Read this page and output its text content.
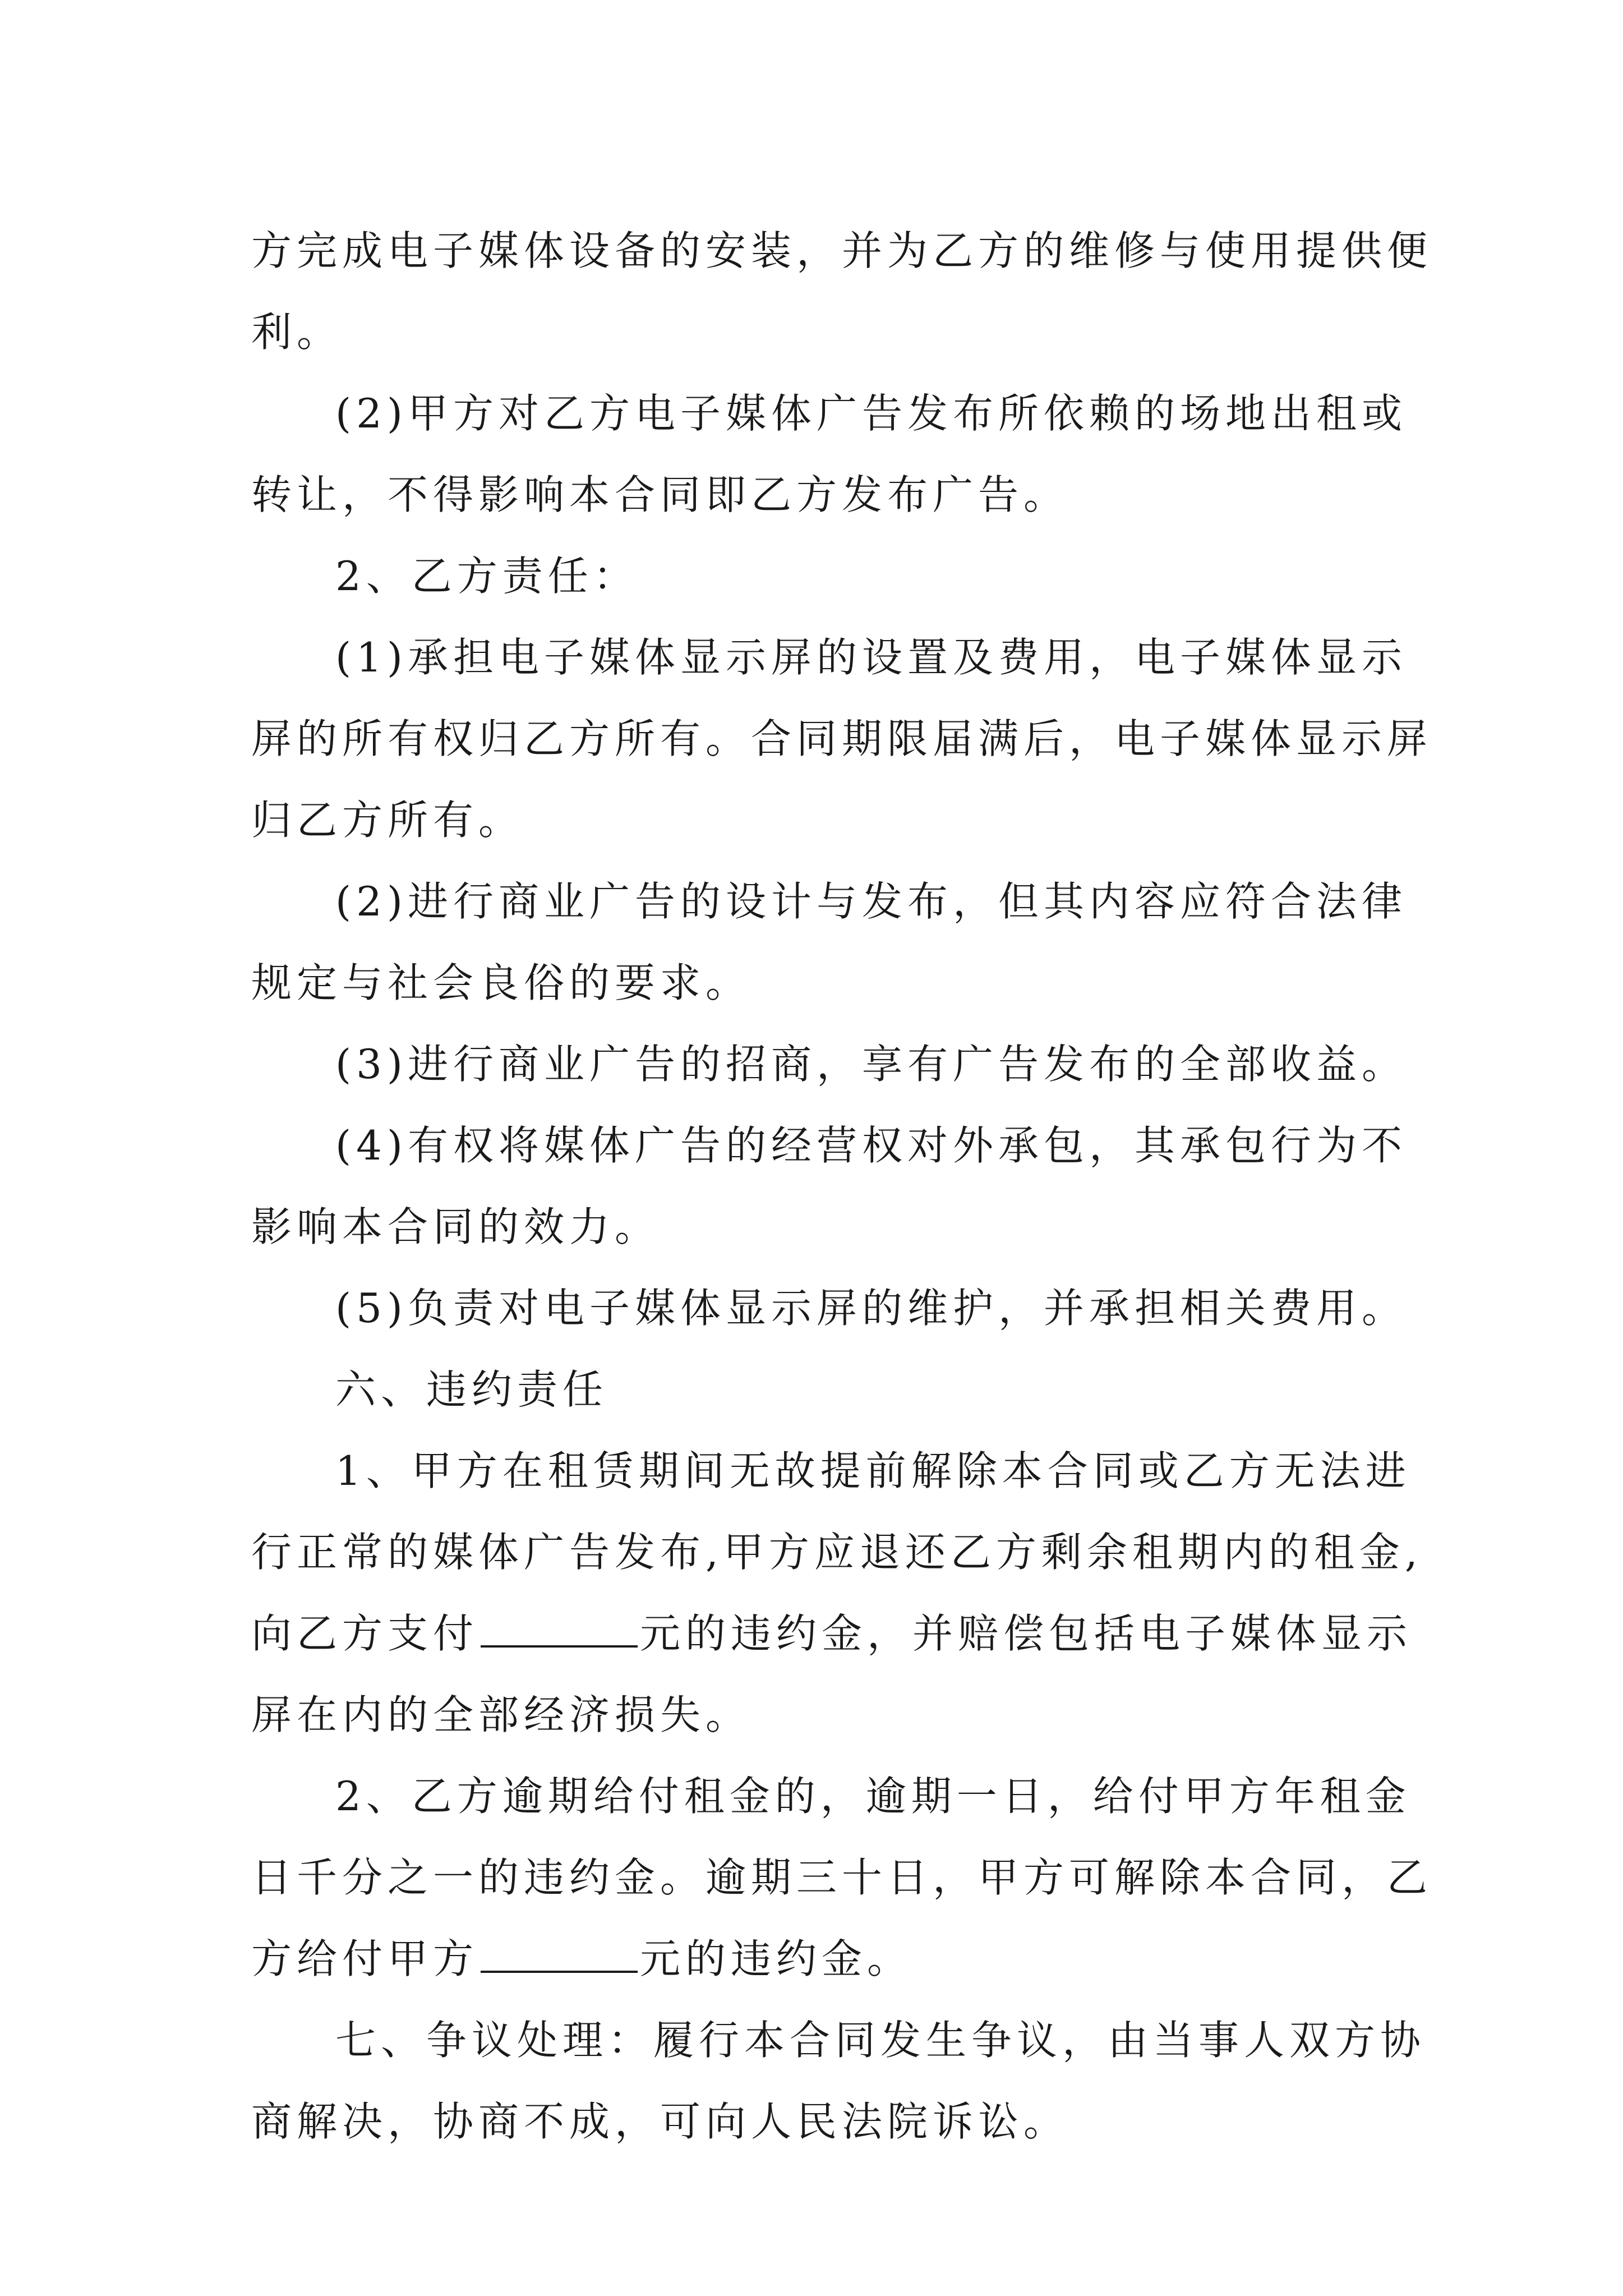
方完成电子媒体设备的安装，并为乙方的维修与使用提供便
利。
(2)甲方对乙方电子媒体广告发布所依赖的场地出租或
转让，不得影响本合同即乙方发布广告。
2、乙方责任：
(1)承担电子媒体显示屏的设置及费用，电子媒体显示
屏的所有权归乙方所有。合同期限届满后，电子媒体显示屏
归乙方所有。
(2)进行商业广告的设计与发布，但其内容应符合法律
规定与社会良俗的要求。
(3)进行商业广告的招商，享有广告发布的全部收益。
(4)有权将媒体广告的经营权对外承包，其承包行为不
影响本合同的效力。
(5)负责对电子媒体显示屏的维护，并承担相关费用。
六、违约责任
1、甲方在租赁期间无故提前解除本合同或乙方无法进
行正常的媒体广告发布,甲方应退还乙方剩余租期内的租金,
向乙方支付	元的违约金，并赔偿包括电子媒体显示
屏在内的全部经济损失。
2、乙方逾期给付租金的，逾期一日，给付甲方年租金
日千分之一的违约金。逾期三十日，甲方可解除本合同，乙
方给付甲方	元的违约金。
七、争议处理：履行本合同发生争议，由当事人双方协
商解决，协商不成，可向人民法院诉讼。
